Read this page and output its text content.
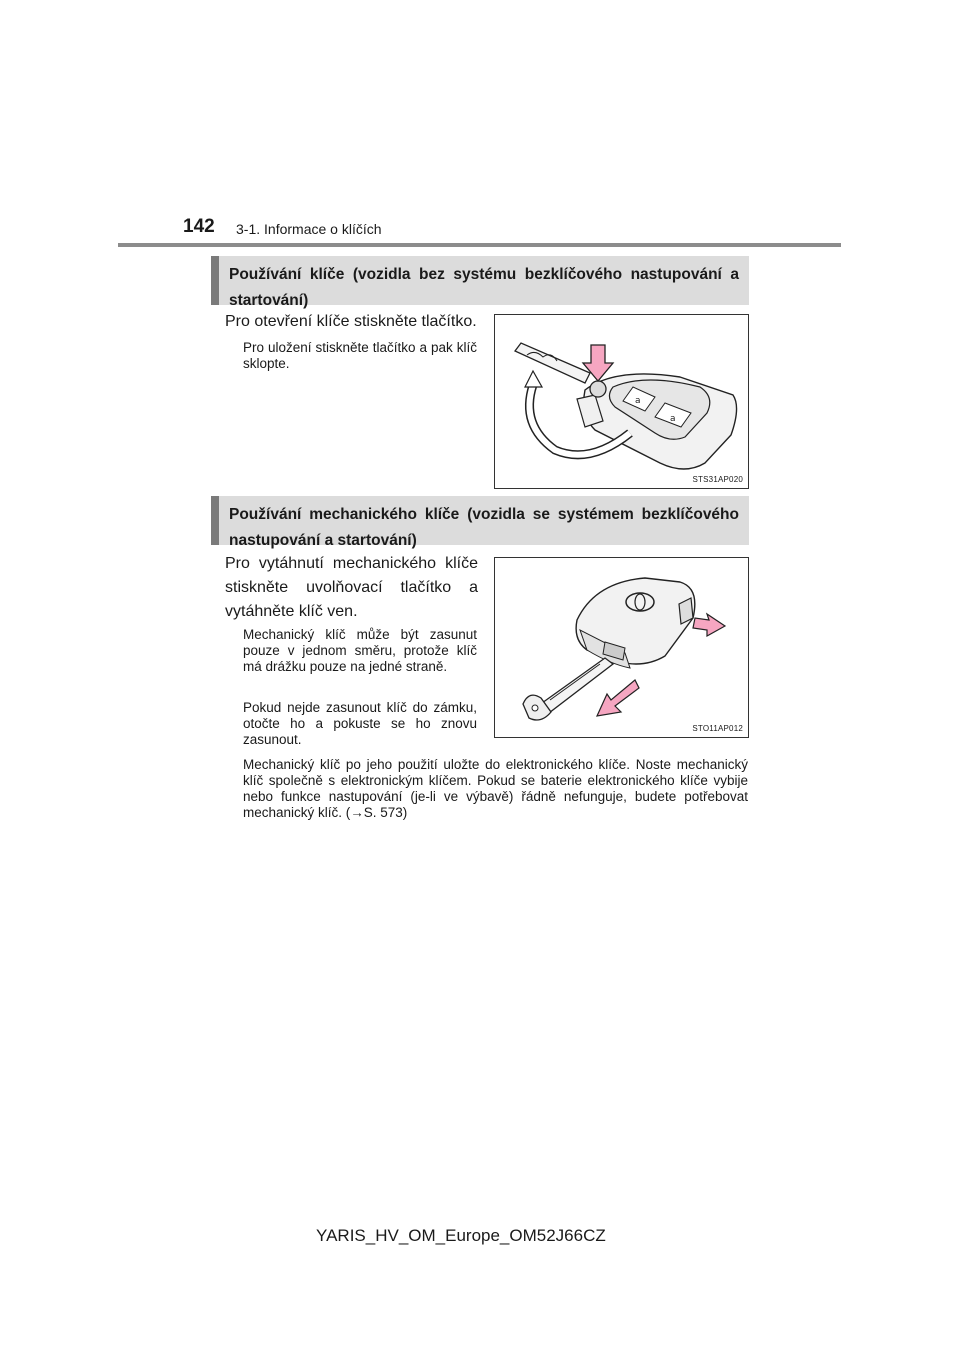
142 3-1. Informace o klíčích
Používání klíče (vozidla bez systému bezklíčového nastupování a startování)
Pro otevření klíče stiskněte tlačítko.
Pro uložení stiskněte tlačítko a pak klíč sklopte.
a
a
STS31AP020
Používání mechanického klíče (vozidla se systémem bezklíčového nastupování a startování)
Pro vytáhnutí mechanického klíče stiskněte uvolňovací tlačítko a vytáhněte klíč ven.
Mechanický klíč může být zasunut pouze v jednom směru, protože klíč má drážku pouze na jedné straně.
Pokud nejde zasunout klíč do zámku, otočte ho a pokuste se ho znovu zasunout.
Mechanický klíč po jeho použití uložte do elektronického klíče. Noste mechanický klíč společně s elektronickým klíčem. Pokud se baterie elektronického klíče vybije nebo funkce nastupování (je-li ve výbavě) řádně nefunguje, budete potřebovat mechanický klíč. (→S. 573)
STO11AP012
YARIS_HV_OM_Europe_OM52J66CZ
